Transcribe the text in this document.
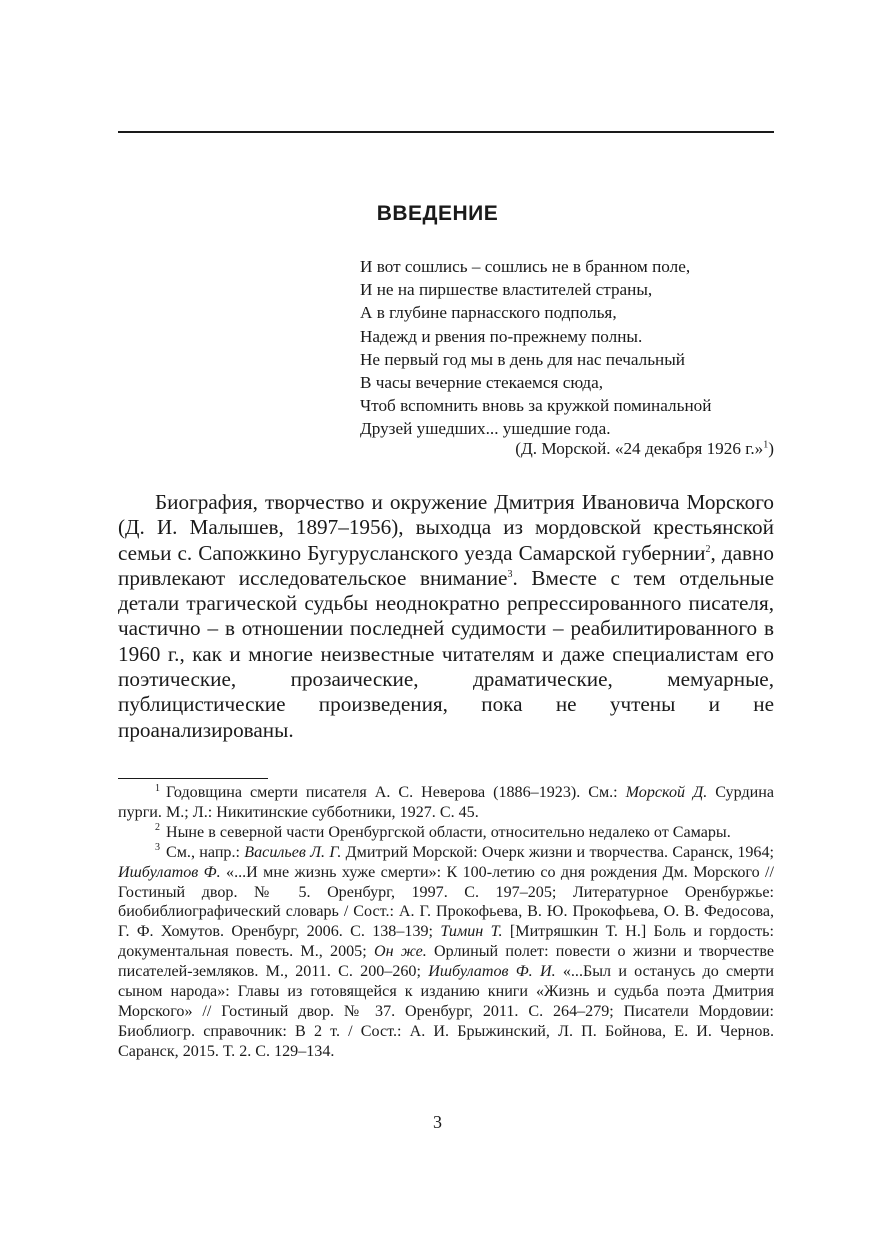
ВВЕДЕНИЕ
И вот сошлись – сошлись не в бранном поле,
И не на пиршестве властителей страны,
А в глубине парнасского подполья,
Надежд и рвения по-прежнему полны.
Не первый год мы в день для нас печальный
В часы вечерние стекаемся сюда,
Чтоб вспомнить вновь за кружкой поминальной
Друзей ушедших... ушедшие года.
(Д. Морской. «24 декабря 1926 г.»$^1$)

Биография, творчество и окружение Дмитрия Ивановича Морского (Д. И. Малышев, 1897–1956), выходца из мордовской крестьянской семьи с. Сапожкино Бугурусланского уезда Самарской губернии$^2$, давно привлекают исследовательское внимание$^3$. Вместе с тем отдельные детали трагической судьбы неоднократно репрессированного писателя, частично – в отношении последней судимости – реабилитированного в 1960 г., как и многие неизвестные читателям и даже специалистам его поэтические, прозаические, драматические, мемуарные, публицистические произведения, пока не учтены и не проанализированы.

$^1$ Годовщина смерти писателя А. С. Неверова (1886–1923). См.: Морской Д. Сурдина пурги. М.; Л.: Никитинские субботники, 1927. С. 45.

$^2$ Ныне в северной части Оренбургской области, относительно недалеко от Самары.

$^3$ См., напр.: Васильев Л. Г. Дмитрий Морской: Очерк жизни и творчества. Саранск, 1964; Ишбулатов Ф. «...И мне жизнь хуже смерти»: К 100-летию со дня рождения Дм. Морского // Гостиный двор. № 5. Оренбург, 1997. С. 197–205; Литературное Оренбуржье: биобиблиографический словарь / Сост.: А. Г. Прокофьева, В. Ю. Прокофьева, О. В. Федосова, Г. Ф. Хомутов. Оренбург, 2006. С. 138–139; Тимин Т. [Митряшкин Т. Н.] Боль и гордость: документальная повесть. М., 2005; Он же. Орлиный полет: повести о жизни и творчестве писателей-земляков. М., 2011. С. 200–260; Ишбулатов Ф. И. «...Был и останусь до смерти сыном народа»: Главы из готовящейся к изданию книги «Жизнь и судьба поэта Дмитрия Морского» // Гостиный двор. № 37. Оренбург, 2011. С. 264–279; Писатели Мордовии: Биоблиогр. справочник: В 2 т. / Сост.: А. И. Брыжинский, Л. П. Бойнова, Е. И. Чернов. Саранск, 2015. Т. 2. С. 129–134.

3
